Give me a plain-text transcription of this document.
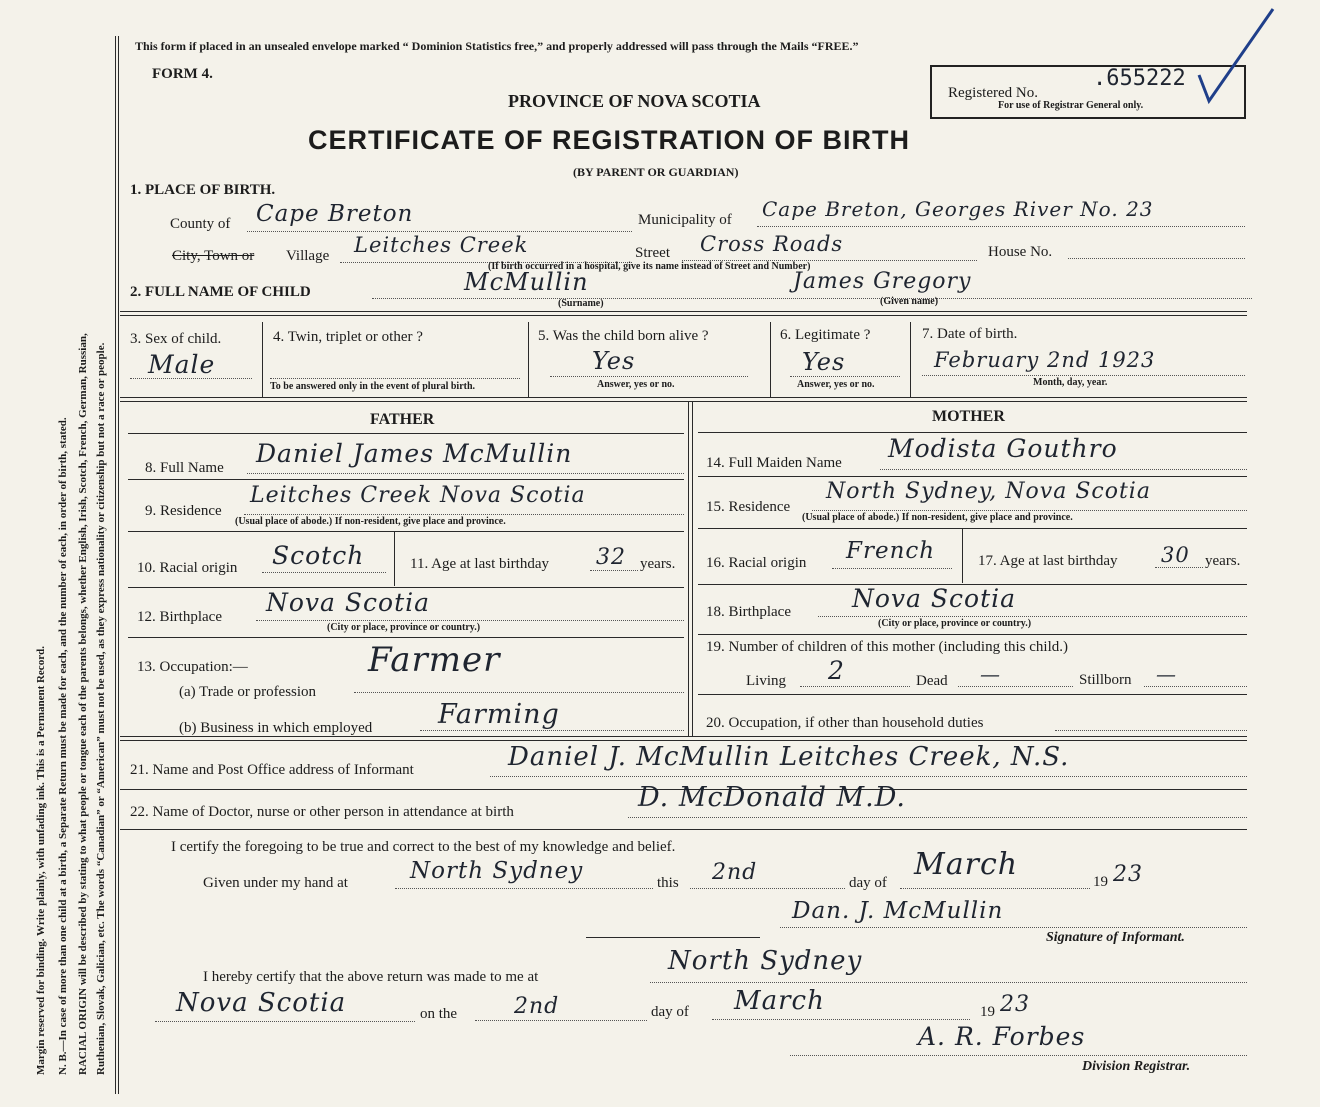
Margin reserved for binding. Write plainly, with unfading ink. This is a Permanent Record. N. B.—In case of more than one child at a birth, a Separate Return must be made for each, and the number of each, in order of birth, stated. RACIAL ORIGIN will be described by stating to what people or tongue each of the parents belongs, whether English, Irish, Scotch, French, German, Russian, Ruthenian, Slovak, Galician, etc. The words “Canadian” or “American” must not be used, as they express nationality or citizenship but not a race or people.
This form if placed in an unsealed envelope marked “ Dominion Statistics free,” and properly addressed will pass through the Mails “FREE.”
FORM 4.
PROVINCE OF NOVA SCOTIA
CERTIFICATE OF REGISTRATION OF BIRTH
(BY PARENT OR GUARDIAN)
Registered No.
.655222
For use of Registrar General only.
1. PLACE OF BIRTH.
County of Cape Breton	Municipality of Cape Breton, Georges River No. 23
City, Town or Village Leitches Creek	Street Cross Roads	House No.
(If birth occurred in a hospital, give its name instead of Street and Number)
2. FULL NAME OF CHILD	McMullin	James Gregory
(Surname)	(Given name)
3. Sex of child.
Male
4. Twin, triplet or other ?
To be answered only in the event of plural birth.
5. Was the child born alive ?
Yes
Answer, yes or no.
6. Legitimate ?
Yes
Answer, yes or no.
7. Date of birth.
February 2nd 1923
Month, day, year.
FATHER	MOTHER
8. Full Name Daniel James McMullin	14. Full Maiden Name Modista Gouthro
9. Residence
Leitches Creek Nova Scotia
(Usual place of abode.) If non-resident, give place and province.
15. Residence
North Sydney, Nova Scotia
(Usual place of abode.) If non-resident, give place and province.
10. Racial origin Scotch	11. Age at last birthday 32 years. 16. Racial origin French	17. Age at last birthday 30 years.
12. Birthplace Nova Scotia
(City or place, province or country.)
18. Birthplace Nova Scotia
(City or place, province or country.)
13. Occupation:—
(a) Trade or profession
Farmer
(b) Business in which employed Farming
19. Number of children of this mother (including this child.)
Living 2	Dead —	Stillborn —
20. Occupation, if other than household duties
21. Name and Post Office address of Informant	Daniel J. McMullin Leitches Creek, N.S.
22. Name of Doctor, nurse or other person in attendance at birth	D. McDonald M.D.
I certify the foregoing to be true and correct to the best of my knowledge and belief.
Given under my hand at	North Sydney	this 2nd	day of
March	19 23
Dan. J. McMullin
Signature of Informant.
I hereby certify that the above return was made to me at
North Sydney
Nova Scotia	on the	2nd	day of March	19 23
A. R. Forbes
Division Registrar.
